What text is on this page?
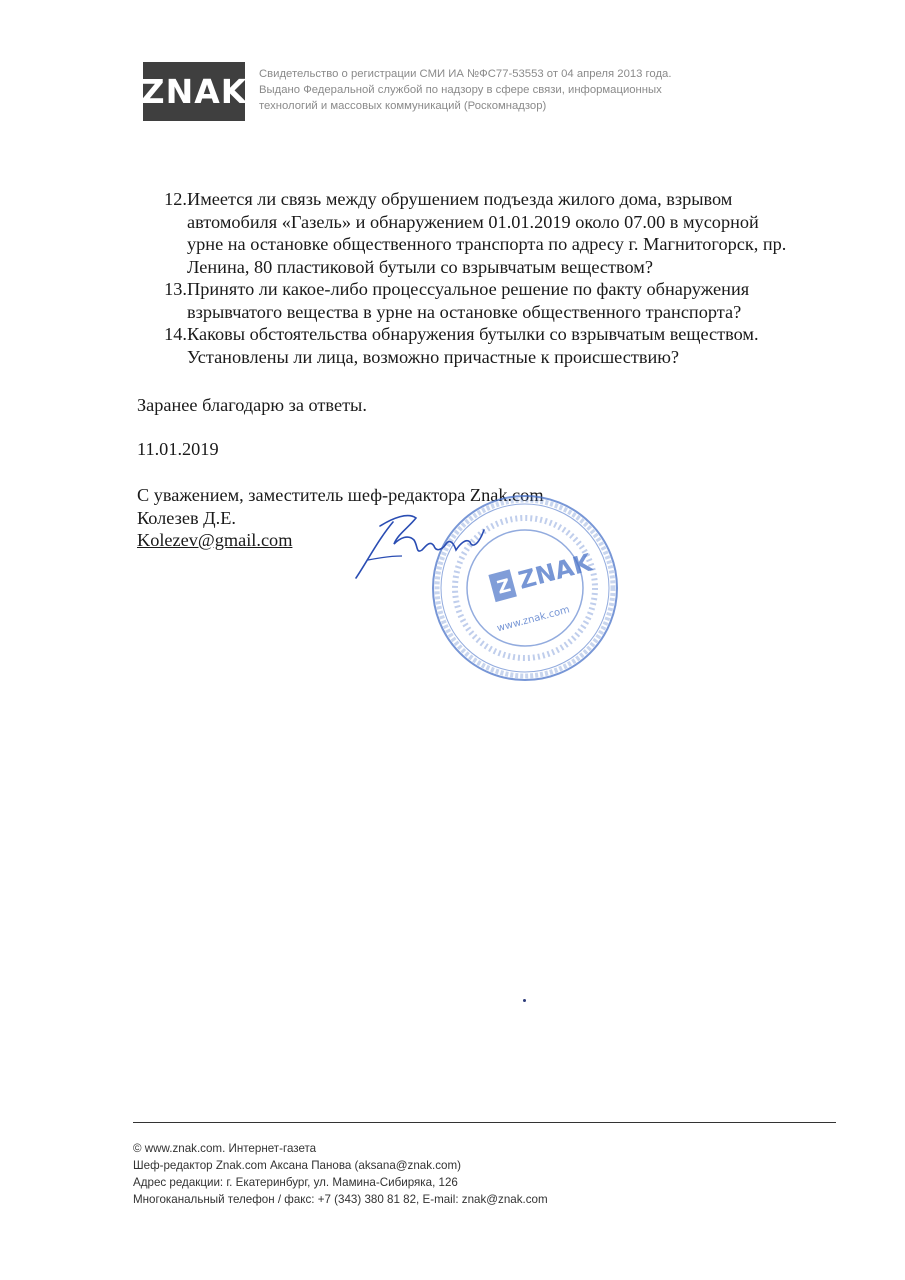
ZNAK Свидетельство о регистрации СМИ ИА №ФС77-53553 от 04 апреля 2013 года.
Выдано Федеральной службой по надзору в сфере связи, информационных
технологий и массовых коммуникаций (Роскомнадзор)
12. Имеется ли связь между обрушением подъезда жилого дома, взрывом
автомобиля «Газель» и обнаружением 01.01.2019 около 07.00 в мусорной
урне на остановке общественного транспорта по адресу г. Магнитогорск, пр.
Ленина, 80 пластиковой бутыли со взрывчатым веществом?
13. Принято ли какое-либо процессуальное решение по факту обнаружения
взрывчатого вещества в урне на остановке общественного транспорта?
14. Каковы обстоятельства обнаружения бутылки со взрывчатым веществом.
Установлены ли лица, возможно причастные к происшествию?
Заранее благодарю за ответы.
11.01.2019
С уважением, заместитель шеф-редактора Znak.com
Колезев Д.Е.
Kolezev@gmail.com
Z ZNAK
www.znak.com
© www.znak.com. Интернет-газета
Шеф-редактор Znak.com Аксана Панова (aksana@znak.com)
Адрес редакции: г. Екатеринбург, ул. Мамина-Сибиряка, 126
Многоканальный телефон / факс: +7 (343) 380 81 82, E-mail: znak@znak.com
